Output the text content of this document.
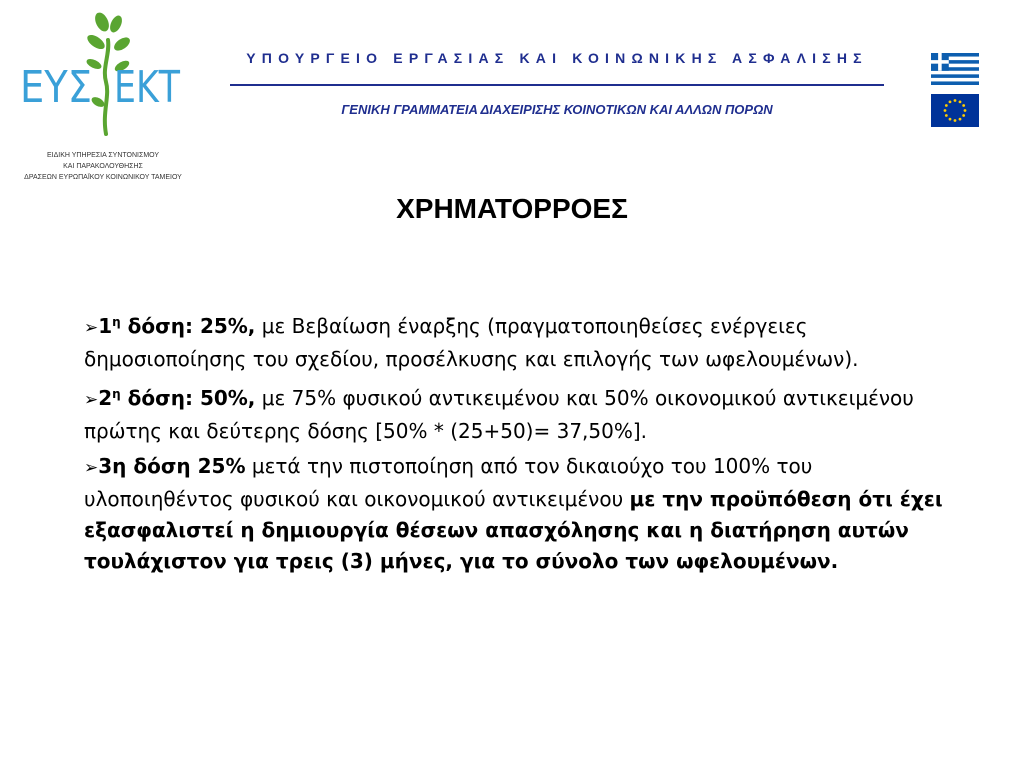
ΕΥΣ ΕΚΤ
ΕΙΔΙΚΗ ΥΠΗΡΕΣΙΑ ΣΥΝΤΟΝΙΣΜΟΥ
ΚΑΙ ΠΑΡΑΚΟΛΟΥΘΗΣΗΣ
ΔΡΑΣΕΩΝ ΕΥΡΩΠΑΪΚΟΥ ΚΟΙΝΩΝΙΚΟΥ ΤΑΜΕΙΟΥ
ΥΠΟΥΡΓΕΙΟ ΕΡΓΑΣΙΑΣ ΚΑΙ ΚΟΙΝΩΝΙΚΗΣ ΑΣΦΑΛΙΣΗΣ
ΓΕΝΙΚΗ ΓΡΑΜΜΑΤΕΙΑ ΔΙΑΧΕΙΡΙΣΗΣ ΚΟΙΝΟΤΙΚΩΝ ΚΑΙ ΑΛΛΩΝ ΠΟΡΩΝ
ΧΡΗΜΑΤΟΡΡΟΕΣ
$➢1^\eta$ δόση: 25%, με Βεβαίωση έναρξης (πραγματοποιηθείσες ενέργειες δημοσιοποίησης του σχεδίου, προσέλκυσης και επιλογής των ωφελουμένων).
$➢2^\eta$ δόση: 50%, με 75% φυσικού αντικειμένου και 50% οικονομικού αντικειμένου πρώτης και δεύτερης δόσης [50% * (25+50)= 37,50%].
➢3η δόση 25% μετά την πιστοποίηση από τον δικαιούχο του 100% του υλοποιηθέντος φυσικού και οικονομικού αντικειμένου με την προϋπόθεση ότι έχει εξασφαλιστεί η δημιουργία θέσεων απασχόλησης και η διατήρηση αυτών τουλάχιστον για τρεις (3) μήνες, για το σύνολο των ωφελουμένων.
